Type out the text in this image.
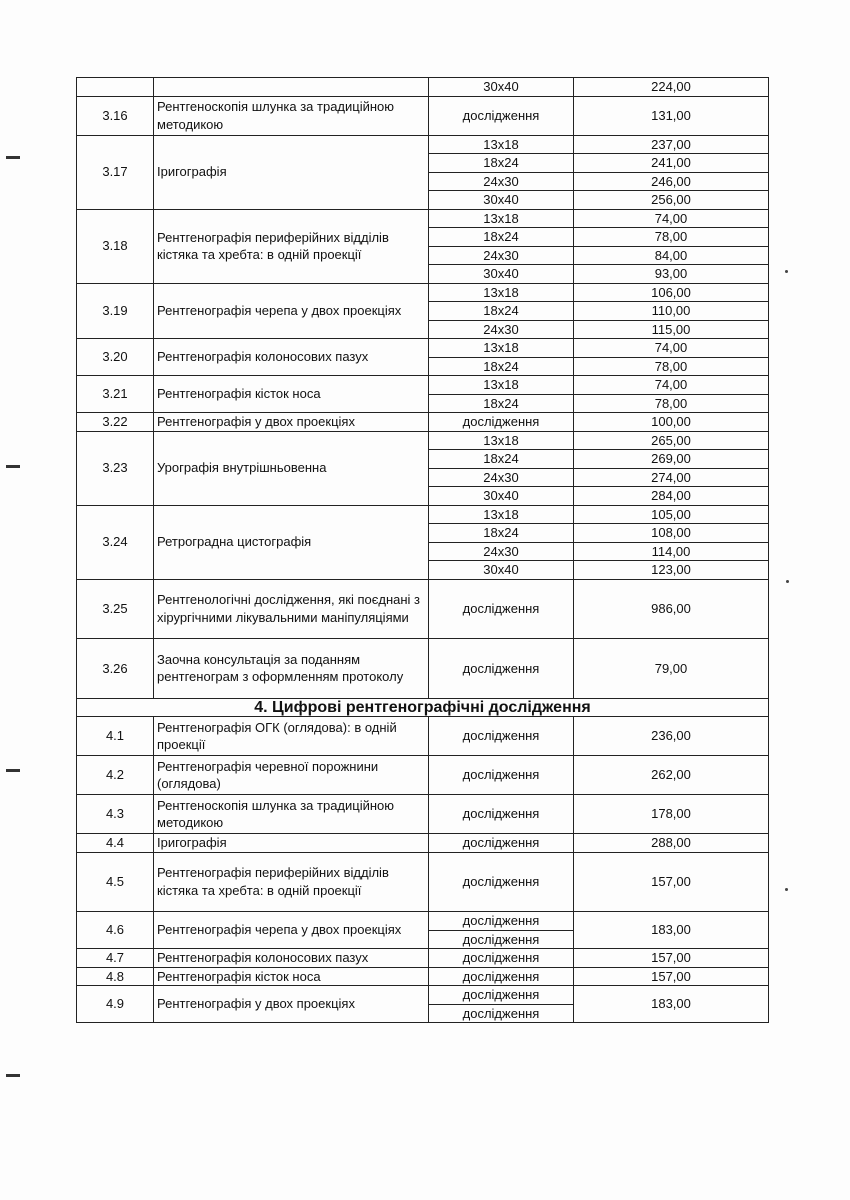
		30x40	224,00
3.16	Рентгеноскопія шлунка за традиційною методикою	дослідження	131,00
3.17	Іригографія	13x18	237,00
		18x24	241,00
		24x30	246,00
		30x40	256,00
3.18	Рентгенографія периферійних відділів кістяка та хребта: в одній проекції	13x18	74,00
		18x24	78,00
		24x30	84,00
		30x40	93,00
3.19	Рентгенографія черепа у двох проекціях	13x18	106,00
		18x24	110,00
		24x30	115,00
3.20	Рентгенографія колоносових пазух	13x18	74,00
		18x24	78,00
3.21	Рентгенографія кісток носа	13x18	74,00
		18x24	78,00
3.22	Рентгенографія у двох проекціях	дослідження	100,00
3.23	Урографія внутрішньовенна	13x18	265,00
		18x24	269,00
		24x30	274,00
		30x40	284,00
3.24	Ретроградна цистографія	13x18	105,00
		18x24	108,00
		24x30	114,00
		30x40	123,00
3.25	Рентгенологічні дослідження, які поєднані з хірургічними лікувальними маніпуляціями	дослідження	986,00
3.26	Заочна консультація за поданням рентгенограм з оформленням протоколу	дослідження	79,00
4. Цифрові рентгенографічні дослідження			
4.1	Рентгенографія ОГК (оглядова): в одній проекції	дослідження	236,00
4.2	Рентгенографія черевної порожнини (оглядова)	дослідження	262,00
4.3	Рентгеноскопія шлунка за традиційною методикою	дослідження	178,00
4.4	Іригографія	дослідження	288,00
4.5	Рентгенографія периферійних відділів кістяка та хребта: в одній проекції	дослідження	157,00
4.6	Рентгенографія черепа у двох проекціях	дослідження	183,00
		дослідження	
4.7	Рентгенографія колоносових пазух	дослідження	157,00
4.8	Рентгенографія кісток носа	дослідження	157,00
4.9	Рентгенографія у двох проекціях	дослідження	183,00
		дослідження	
